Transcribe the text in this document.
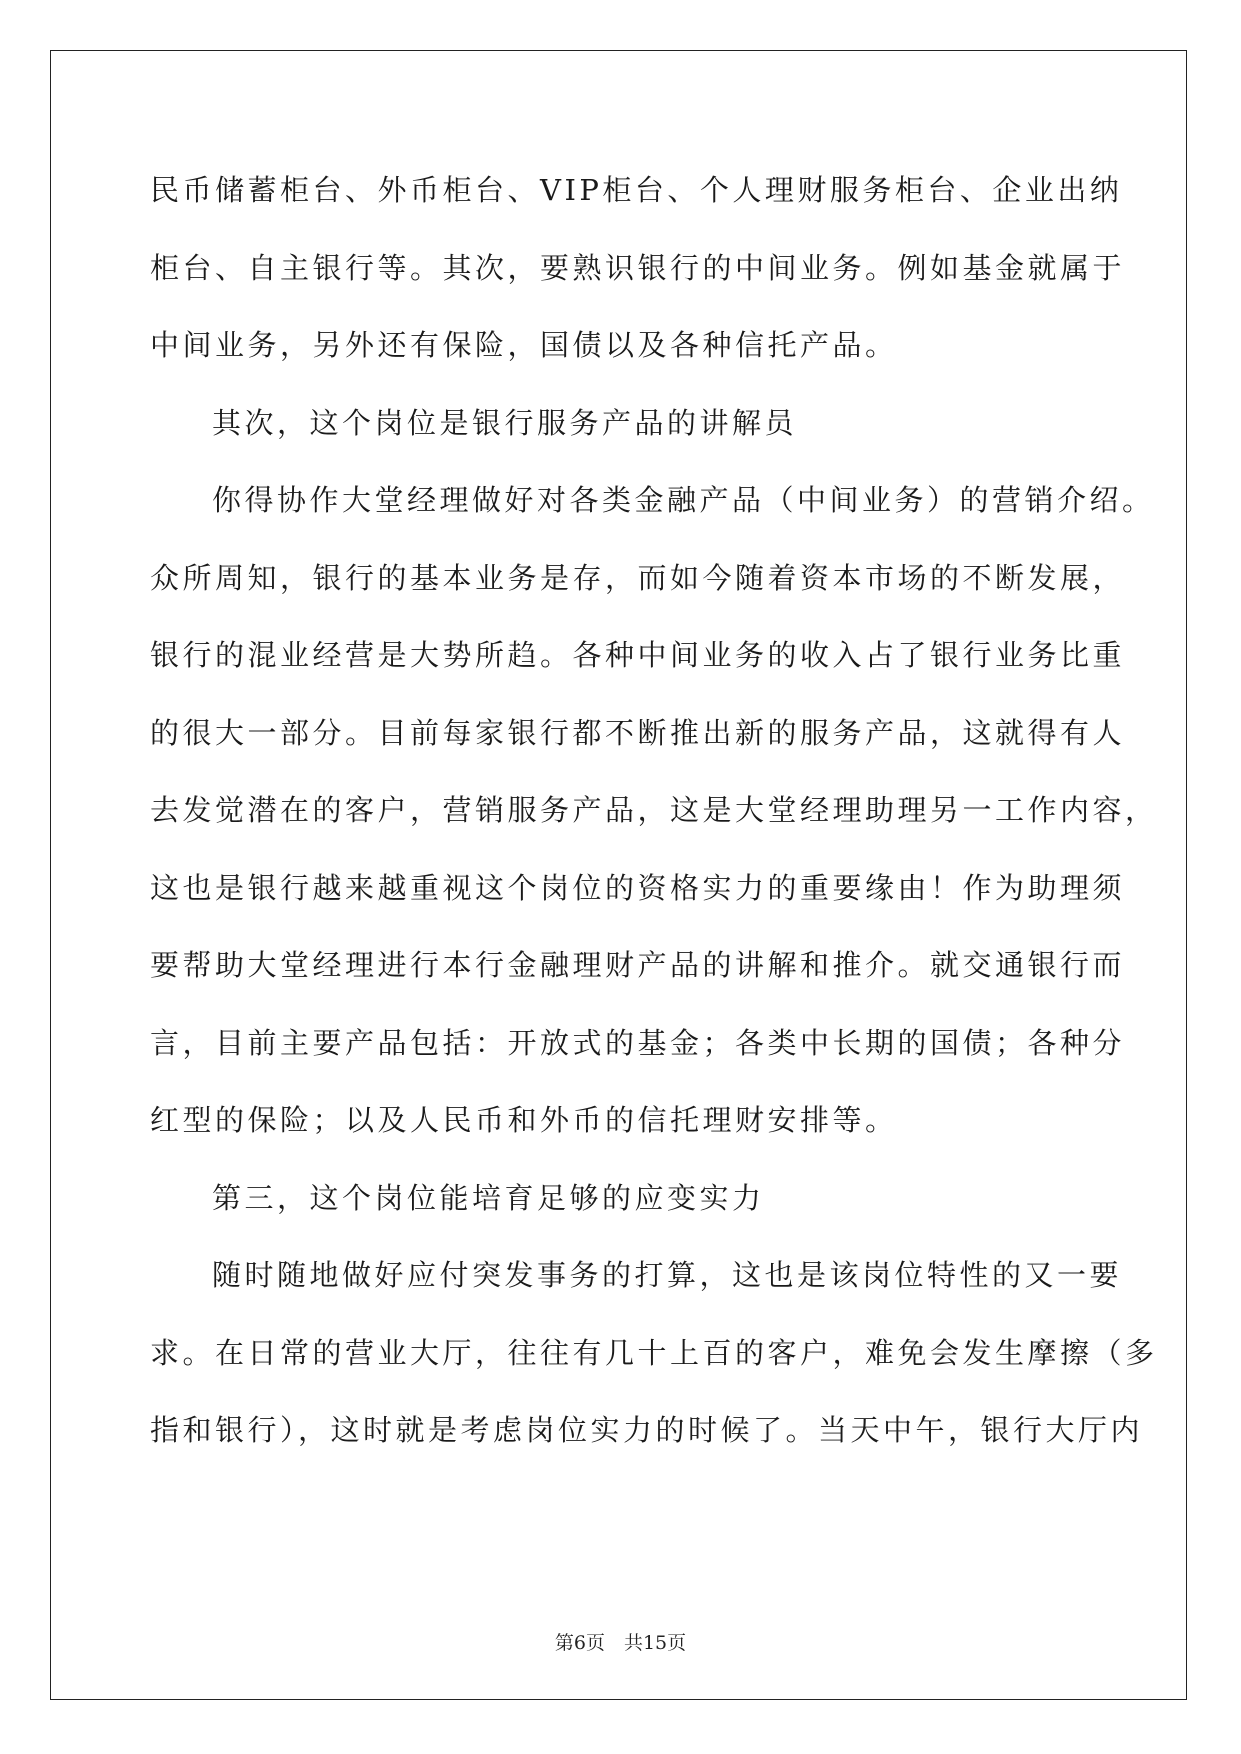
民币储蓄柜台、外币柜台、VIP柜台、个人理财服务柜台、企业出纳

柜台、自主银行等。其次，要熟识银行的中间业务。例如基金就属于

中间业务，另外还有保险，国债以及各种信托产品。

其次，这个岗位是银行服务产品的讲解员

你得协作大堂经理做好对各类金融产品（中间业务）的营销介绍。

众所周知，银行的基本业务是存，而如今随着资本市场的不断发展，

银行的混业经营是大势所趋。各种中间业务的收入占了银行业务比重

的很大一部分。目前每家银行都不断推出新的服务产品，这就得有人

去发觉潜在的客户，营销服务产品，这是大堂经理助理另一工作内容，

这也是银行越来越重视这个岗位的资格实力的重要缘由！作为助理须

要帮助大堂经理进行本行金融理财产品的讲解和推介。就交通银行而

言，目前主要产品包括：开放式的基金；各类中长期的国债；各种分

红型的保险；以及人民币和外币的信托理财安排等。

第三，这个岗位能培育足够的应变实力

随时随地做好应付突发事务的打算，这也是该岗位特性的又一要

求。在日常的营业大厅，往往有几十上百的客户，难免会发生摩擦（多

指和银行），这时就是考虑岗位实力的时候了。当天中午，银行大厅内

第6页　共15页
